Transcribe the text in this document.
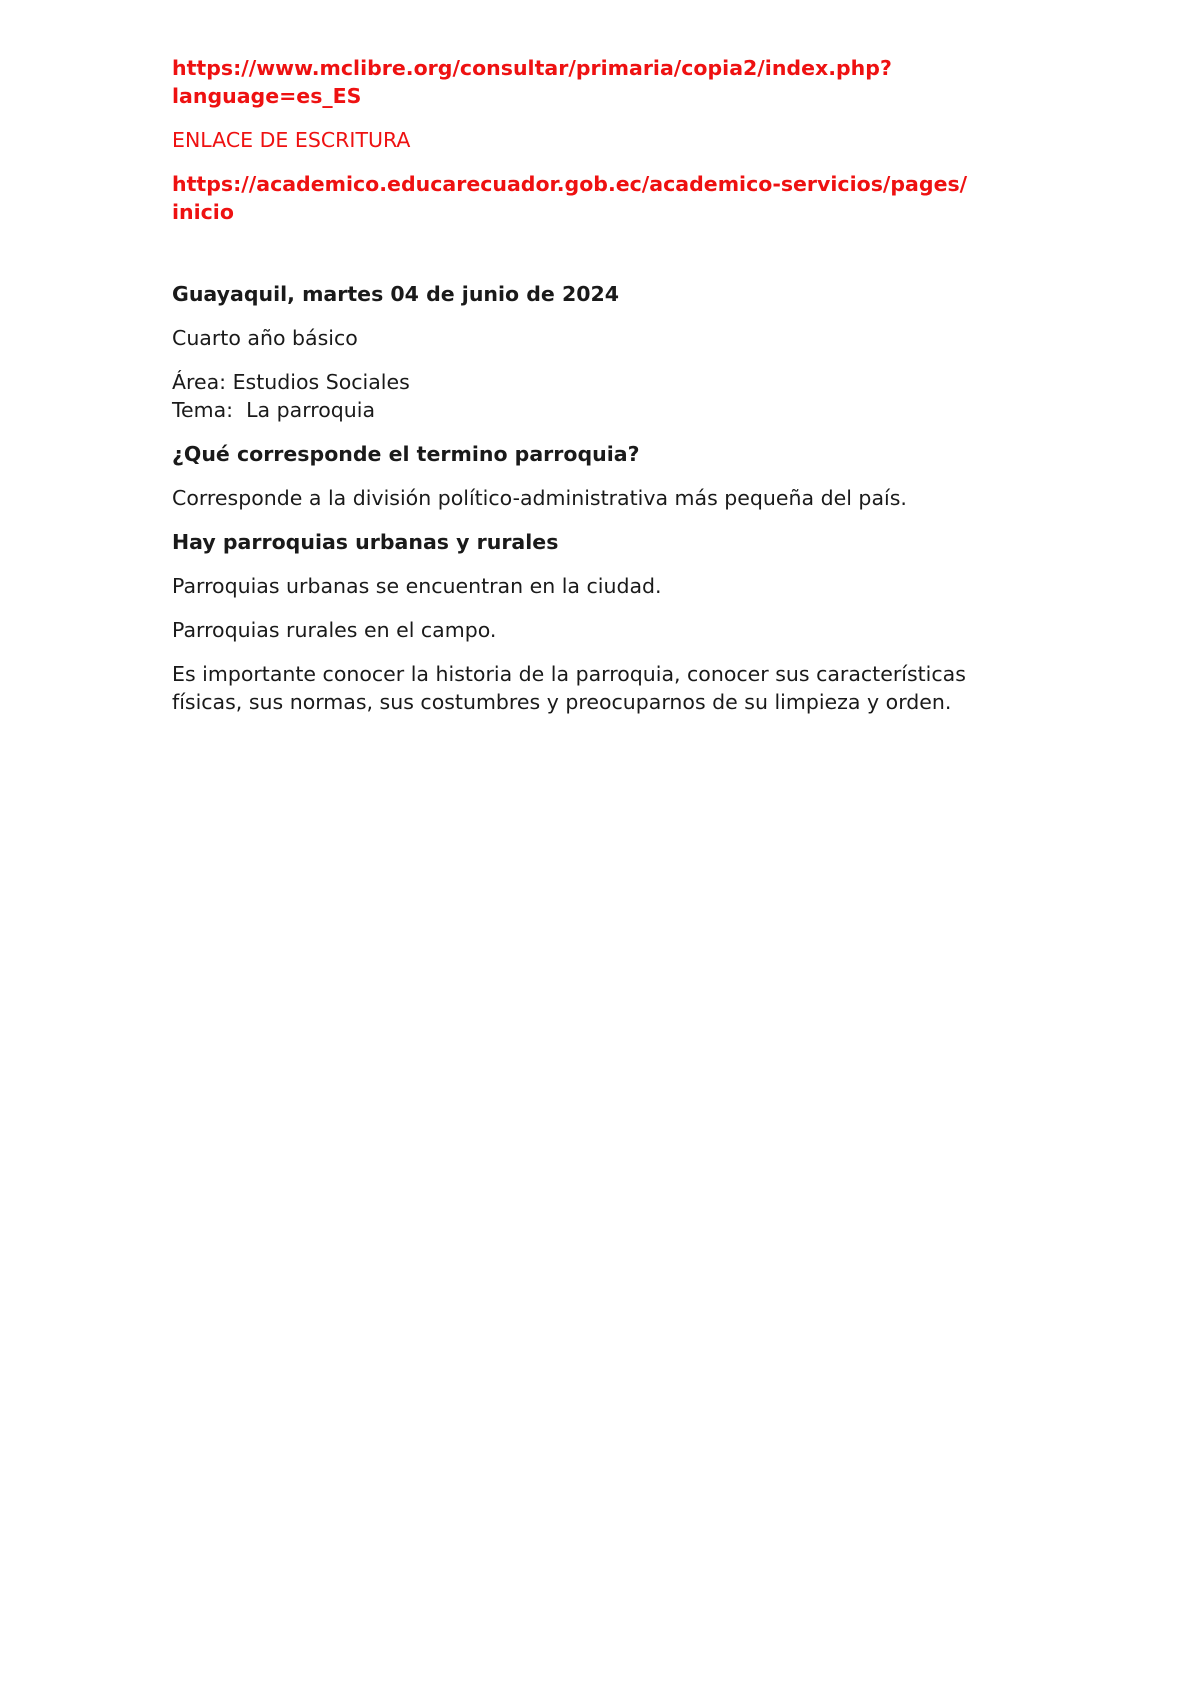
https://www.mclibre.org/consultar/primaria/copia2/index.php?
language=es_ES

ENLACE DE ESCRITURA

https://academico.educarecuador.gob.ec/academico-servicios/pages/
inicio

Guayaquil, martes 04 de junio de 2024

Cuarto año básico

Área: Estudios Sociales
Tema:  La parroquia

¿Qué corresponde el termino parroquia?

Corresponde a la división político-administrativa más pequeña del país.

Hay parroquias urbanas y rurales

Parroquias urbanas se encuentran en la ciudad.

Parroquias rurales en el campo.

Es importante conocer la historia de la parroquia, conocer sus características
físicas, sus normas, sus costumbres y preocuparnos de su limpieza y orden.
